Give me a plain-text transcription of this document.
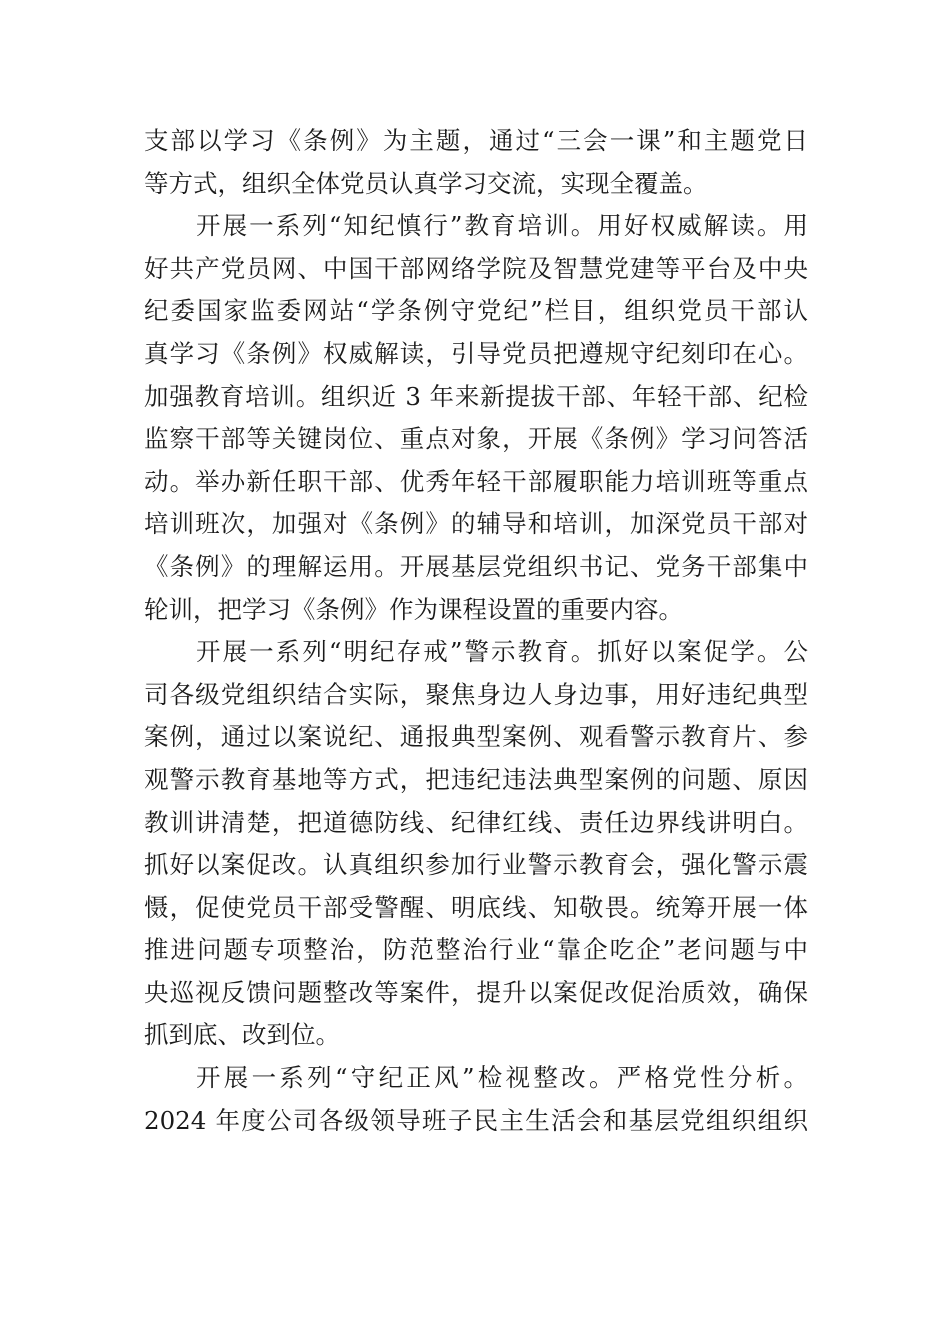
支部以学习《条例》为主题，通过“三会一课”和主题党日
等方式，组织全体党员认真学习交流，实现全覆盖。
开展一系列“知纪慎行”教育培训。用好权威解读。用
好共产党员网、中国干部网络学院及智慧党建等平台及中央
纪委国家监委网站“学条例守党纪”栏目，组织党员干部认
真学习《条例》权威解读，引导党员把遵规守纪刻印在心。
加强教育培训。组织近 3 年来新提拔干部、年轻干部、纪检
监察干部等关键岗位、重点对象，开展《条例》学习问答活
动。举办新任职干部、优秀年轻干部履职能力培训班等重点
培训班次，加强对《条例》的辅导和培训，加深党员干部对
《条例》的理解运用。开展基层党组织书记、党务干部集中
轮训，把学习《条例》作为课程设置的重要内容。
开展一系列“明纪存戒”警示教育。抓好以案促学。公
司各级党组织结合实际，聚焦身边人身边事，用好违纪典型
案例，通过以案说纪、通报典型案例、观看警示教育片、参
观警示教育基地等方式，把违纪违法典型案例的问题、原因
教训讲清楚，把道德防线、纪律红线、责任边界线讲明白。
抓好以案促改。认真组织参加行业警示教育会，强化警示震
慑，促使党员干部受警醒、明底线、知敬畏。统筹开展一体
推进问题专项整治，防范整治行业“靠企吃企”老问题与中
央巡视反馈问题整改等案件，提升以案促改促治质效，确保
抓到底、改到位。
开展一系列“守纪正风”检视整改。严格党性分析。
2024 年度公司各级领导班子民主生活会和基层党组织组织
